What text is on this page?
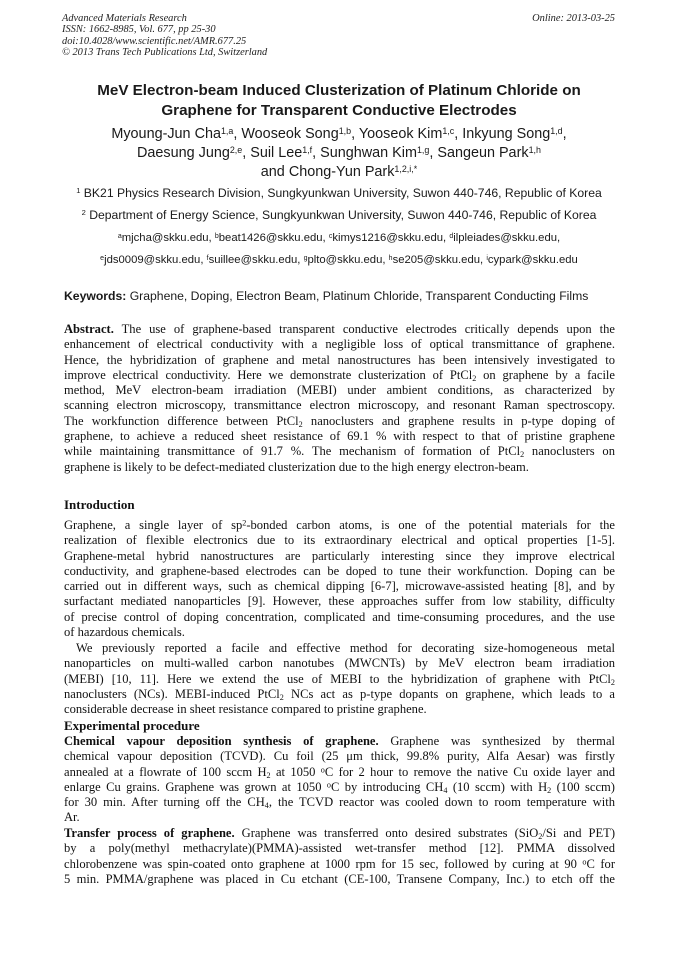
Advanced Materials Research
ISSN: 1662-8985, Vol. 677, pp 25-30
doi:10.4028/www.scientific.net/AMR.677.25
© 2013 Trans Tech Publications Ltd, Switzerland
Online: 2013-03-25
MeV Electron-beam Induced Clusterization of Platinum Chloride on
Graphene for Transparent Conductive Electrodes
Myoung-Jun Cha$^{1,a}$, Wooseok Song$^{1,b}$, Yooseok Kim$^{1,c}$, Inkyung Song$^{1,d}$,
Daesung Jung$^{2,e}$, Suil Lee$^{1,f}$, Sunghwan Kim$^{1,g}$, Sangeun Park$^{1,h}$
and Chong-Yun Park$^{1,2,i,*}$
$^1$ BK21 Physics Research Division, Sungkyunkwan University, Suwon 440-746, Republic of Korea
$^2$ Department of Energy Science, Sungkyunkwan University, Suwon 440-746, Republic of Korea
$^a$mjcha@skku.edu, $^b$beat1426@skku.edu, $^c$kimys1216@skku.edu, $^d$ilpleiades@skku.edu,
$^e$jds0009@skku.edu, $^f$suillee@skku.edu, $^g$plto@skku.edu, $^h$se205@skku.edu, $^i$cypark@skku.edu
Keywords: Graphene, Doping, Electron Beam, Platinum Chloride, Transparent Conducting Films
Abstract. The use of graphene-based transparent conductive electrodes critically depends upon the
enhancement of electrical conductivity with a negligible loss of optical transmittance of graphene.
Hence, the hybridization of graphene and metal nanostructures has been intensively investigated to
improve electrical conductivity. Here we demonstrate clusterization of PtCl$_2$ on graphene by a facile
method, MeV electron-beam irradiation (MEBI) under ambient conditions, as characterized by
scanning electron microscopy, transmittance electron microscopy, and resonant Raman spectroscopy.
The workfunction difference between PtCl$_2$ nanoclusters and graphene results in p-type doping of
graphene, to achieve a reduced sheet resistance of 69.1 % with respect to that of pristine graphene
while maintaining transmittance of 91.7 %. The mechanism of formation of PtCl$_2$ nanoclusters on
graphene is likely to be defect-mediated clusterization due to the high energy electron-beam.
Introduction
Graphene, a single layer of $sp^2$-bonded carbon atoms, is one of the potential materials for the
realization of flexible electronics due to its extraordinary electrical and optical properties [1-5].
Graphene-metal hybrid nanostructures are particularly interesting since they improve electrical
conductivity, and graphene-based electrodes can be doped to tune their workfunction. Doping can be
carried out in different ways, such as chemical dipping [6-7], microwave-assisted heating [8], and by
surfactant mediated nanoparticles [9]. However, these approaches suffer from low stability, difficulty
of precise control of doping concentration, complicated and time-consuming procedures, and the use
of hazardous chemicals.
We previously reported a facile and effective method for decorating size-homogeneous metal
nanoparticles on multi-walled carbon nanotubes (MWCNTs) by MeV electron beam irradiation
(MEBI) [10, 11]. Here we extend the use of MEBI to the hybridization of graphene with PtCl$_2$
nanoclusters (NCs). MEBI-induced PtCl$_2$ NCs act as p-type dopants on graphene, which leads to a
considerable decrease in sheet resistance compared to pristine graphene.
Experimental procedure
Chemical vapour deposition synthesis of graphene. Graphene was synthesized by thermal
chemical vapour deposition (TCVD). Cu foil (25 μm thick, 99.8% purity, Alfa Aesar) was firstly
annealed at a flowrate of 100 sccm $H_2$ at 1050 $^o$C for 2 hour to remove the native Cu oxide layer and
enlarge Cu grains. Graphene was grown at 1050 $^o$C by introducing $CH_4$ (10 sccm) with $H_2$ (100 sccm)
for 30 min. After turning off the $CH_4$, the TCVD reactor was cooled down to room temperature with
Ar.
Transfer process of graphene. Graphene was transferred onto desired substrates (SiO$_2$/Si and PET)
by a poly(methyl methacrylate)(PMMA)-assisted wet-transfer method [12]. PMMA dissolved
chlorobenzene was spin-coated onto graphene at 1000 rpm for 15 sec, followed by curing at 90 $^o$C for
5 min. PMMA/graphene was placed in Cu etchant (CE-100, Transene Company, Inc.) to etch off the
